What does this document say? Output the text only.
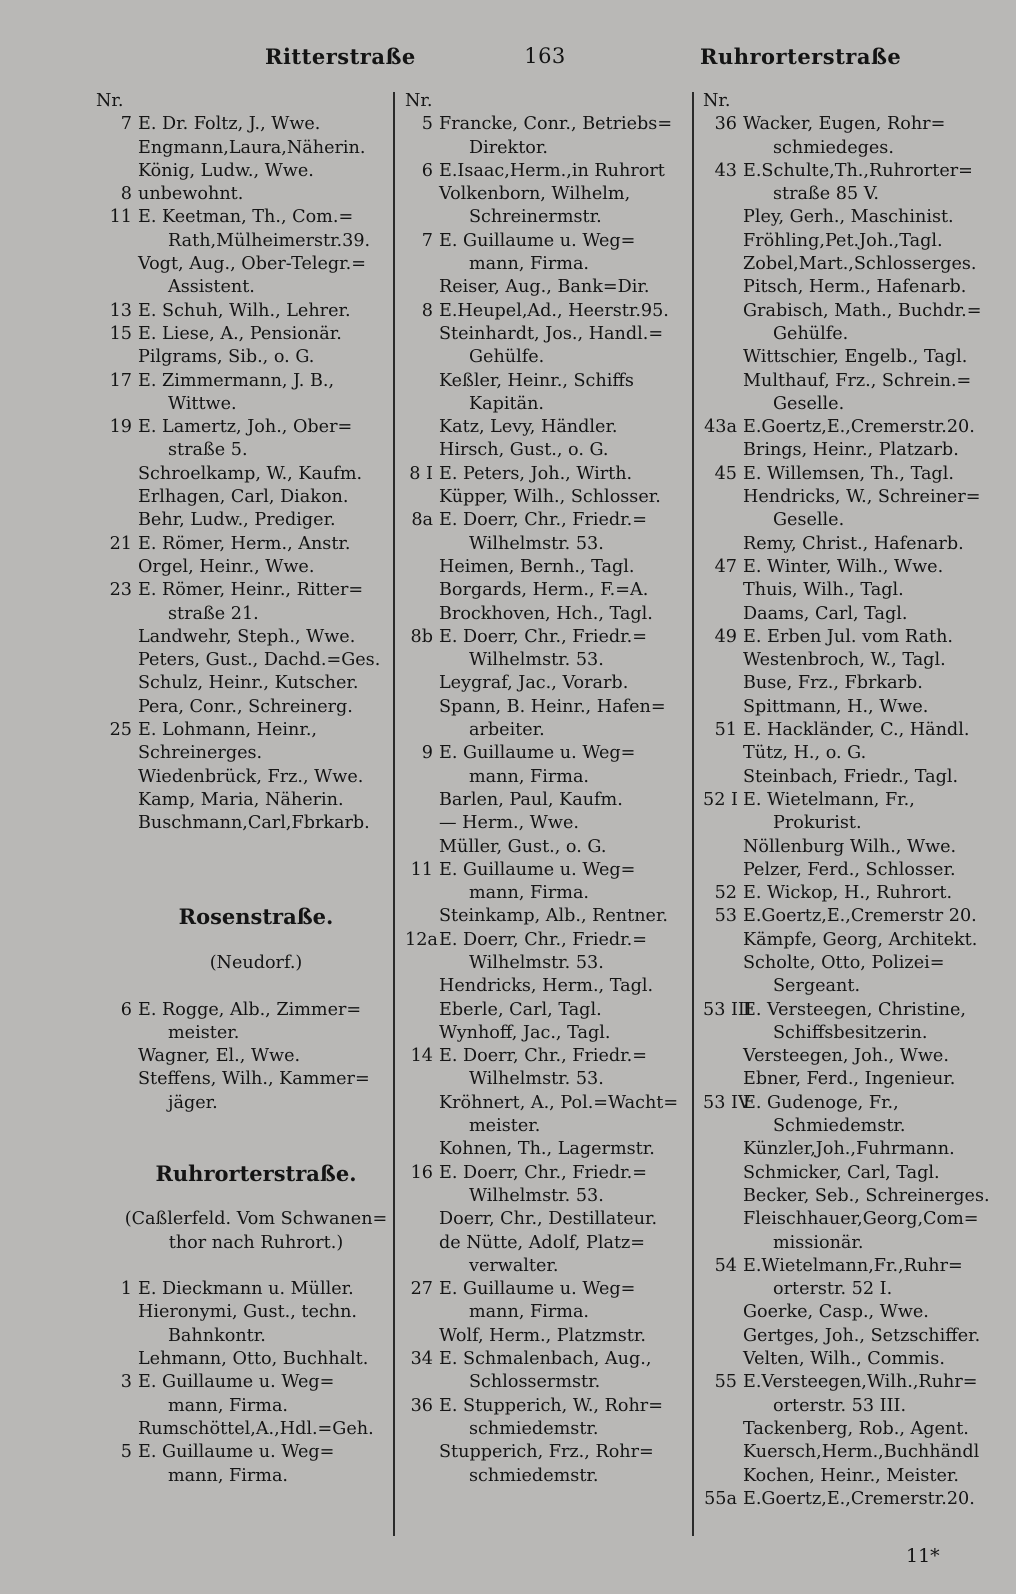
Ritterstraße	163	Ruhrorterstraße
Nr.
7 E. Dr. Foltz, J., Wwe.
Engmann,Laura,Näherin.
König, Ludw., Wwe.
8 unbewohnt.
11 E. Keetman, Th., Com.=
Rath,Mülheimerstr.39.
Vogt, Aug., Ober-Telegr.=
Assistent.
13 E. Schuh, Wilh., Lehrer.
15 E. Liese, A., Pensionär.
Pilgrams, Sib., o. G.
17 E. Zimmermann, J. B.,
Wittwe.
19 E. Lamertz, Joh., Ober=
straße 5.
Schroelkamp, W., Kaufm.
Erlhagen, Carl, Diakon.
Behr, Ludw., Prediger.
21 E. Römer, Herm., Anstr.
Orgel, Heinr., Wwe.
23 E. Römer, Heinr., Ritter=
straße 21.
Landwehr, Steph., Wwe.
Peters, Gust., Dachd.=Ges.
Schulz, Heinr., Kutscher.
Pera, Conr., Schreinerg.
25 E. Lohmann, Heinr.,
Schreinerges.
Wiedenbrück, Frz., Wwe.
Kamp, Maria, Näherin.
Buschmann,Carl,Fbrkarb.
Rosenstraße.
(Neudorf.)
6 E. Rogge, Alb., Zimmer=
meister.
Wagner, El., Wwe.
Steffens, Wilh., Kammer=
jäger.
Ruhrorterstraße.
(Caßlerfeld. Vom Schwanen=
thor nach Ruhrort.)
1 E. Dieckmann u. Müller.
Hieronymi, Gust., techn.
Bahnkontr.
Lehmann, Otto, Buchhalt.
3 E. Guillaume u. Weg=
mann, Firma.
Rumschöttel,A.,Hdl.=Geh.
5 E. Guillaume u. Weg=
mann, Firma.
Nr.
5 Francke, Conr., Betriebs=
Direktor.
6 E.Isaac,Herm.,in Ruhrort
Volkenborn, Wilhelm,
Schreinermstr.
7 E. Guillaume u. Weg=
mann, Firma.
Reiser, Aug., Bank=Dir.
8 E.Heupel,Ad., Heerstr.95.
Steinhardt, Jos., Handl.=
Gehülfe.
Keßler, Heinr., Schiffs
Kapitän.
Katz, Levy, Händler.
Hirsch, Gust., o. G.
8 I E. Peters, Joh., Wirth.
Küpper, Wilh., Schlosser.
8a E. Doerr, Chr., Friedr.=
Wilhelmstr. 53.
Heimen, Bernh., Tagl.
Borgards, Herm., F.=A.
Brockhoven, Hch., Tagl.
8b E. Doerr, Chr., Friedr.=
Wilhelmstr. 53.
Leygraf, Jac., Vorarb.
Spann, B. Heinr., Hafen=
arbeiter.
9 E. Guillaume u. Weg=
mann, Firma.
Barlen, Paul, Kaufm.
— Herm., Wwe.
Müller, Gust., o. G.
11 E. Guillaume u. Weg=
mann, Firma.
Steinkamp, Alb., Rentner.
12a E. Doerr, Chr., Friedr.=
Wilhelmstr. 53.
Hendricks, Herm., Tagl.
Eberle, Carl, Tagl.
Wynhoff, Jac., Tagl.
14 E. Doerr, Chr., Friedr.=
Wilhelmstr. 53.
Kröhnert, A., Pol.=Wacht=
meister.
Kohnen, Th., Lagermstr.
16 E. Doerr, Chr., Friedr.=
Wilhelmstr. 53.
Doerr, Chr., Destillateur.
de Nütte, Adolf, Platz=
verwalter.
27 E. Guillaume u. Weg=
mann, Firma.
Wolf, Herm., Platzmstr.
34 E. Schmalenbach, Aug.,
Schlossermstr.
36 E. Stupperich, W., Rohr=
schmiedemstr.
Stupperich, Frz., Rohr=
schmiedemstr.
Nr.
36 Wacker, Eugen, Rohr=
schmiedeges.
43 E.Schulte,Th.,Ruhrorter=
straße 85 V.
Pley, Gerh., Maschinist.
Fröhling,Pet.Joh.,Tagl.
Zobel,Mart.,Schlosserges.
Pitsch, Herm., Hafenarb.
Grabisch, Math., Buchdr.=
Gehülfe.
Wittschier, Engelb., Tagl.
Multhauf, Frz., Schrein.=
Geselle.
43a E.Goertz,E.,Cremerstr.20.
Brings, Heinr., Platzarb.
45 E. Willemsen, Th., Tagl.
Hendricks, W., Schreiner=
Geselle.
Remy, Christ., Hafenarb.
47 E. Winter, Wilh., Wwe.
Thuis, Wilh., Tagl.
Daams, Carl, Tagl.
49 E. Erben Jul. vom Rath.
Westenbroch, W., Tagl.
Buse, Frz., Fbrkarb.
Spittmann, H., Wwe.
51 E. Hackländer, C., Händl.
Tütz, H., o. G.
Steinbach, Friedr., Tagl.
52 I E. Wietelmann, Fr.,
Prokurist.
Nöllenburg Wilh., Wwe.
Pelzer, Ferd., Schlosser.
52 E. Wickop, H., Ruhrort.
53 E.Goertz,E.,Cremerstr 20.
Kämpfe, Georg, Architekt.
Scholte, Otto, Polizei=
Sergeant.
53 III
E. Versteegen, Christine,
Schiffsbesitzerin.
Versteegen, Joh., Wwe.
Ebner, Ferd., Ingenieur.
53 IV
E. Gudenoge, Fr.,
Schmiedemstr.
Künzler,Joh.,Fuhrmann.
Schmicker, Carl, Tagl.
Becker, Seb., Schreinerges.
Fleischhauer,Georg,Com=
missionär.
54 E.Wietelmann,Fr.,Ruhr=
orterstr. 52 I.
Goerke, Casp., Wwe.
Gertges, Joh., Setzschiffer.
Velten, Wilh., Commis.
55 E.Versteegen,Wilh.,Ruhr=
orterstr. 53 III.
Tackenberg, Rob., Agent.
Kuersch,Herm.,Buchhändl
Kochen, Heinr., Meister.
55a E.Goertz,E.,Cremerstr.20.
11*
